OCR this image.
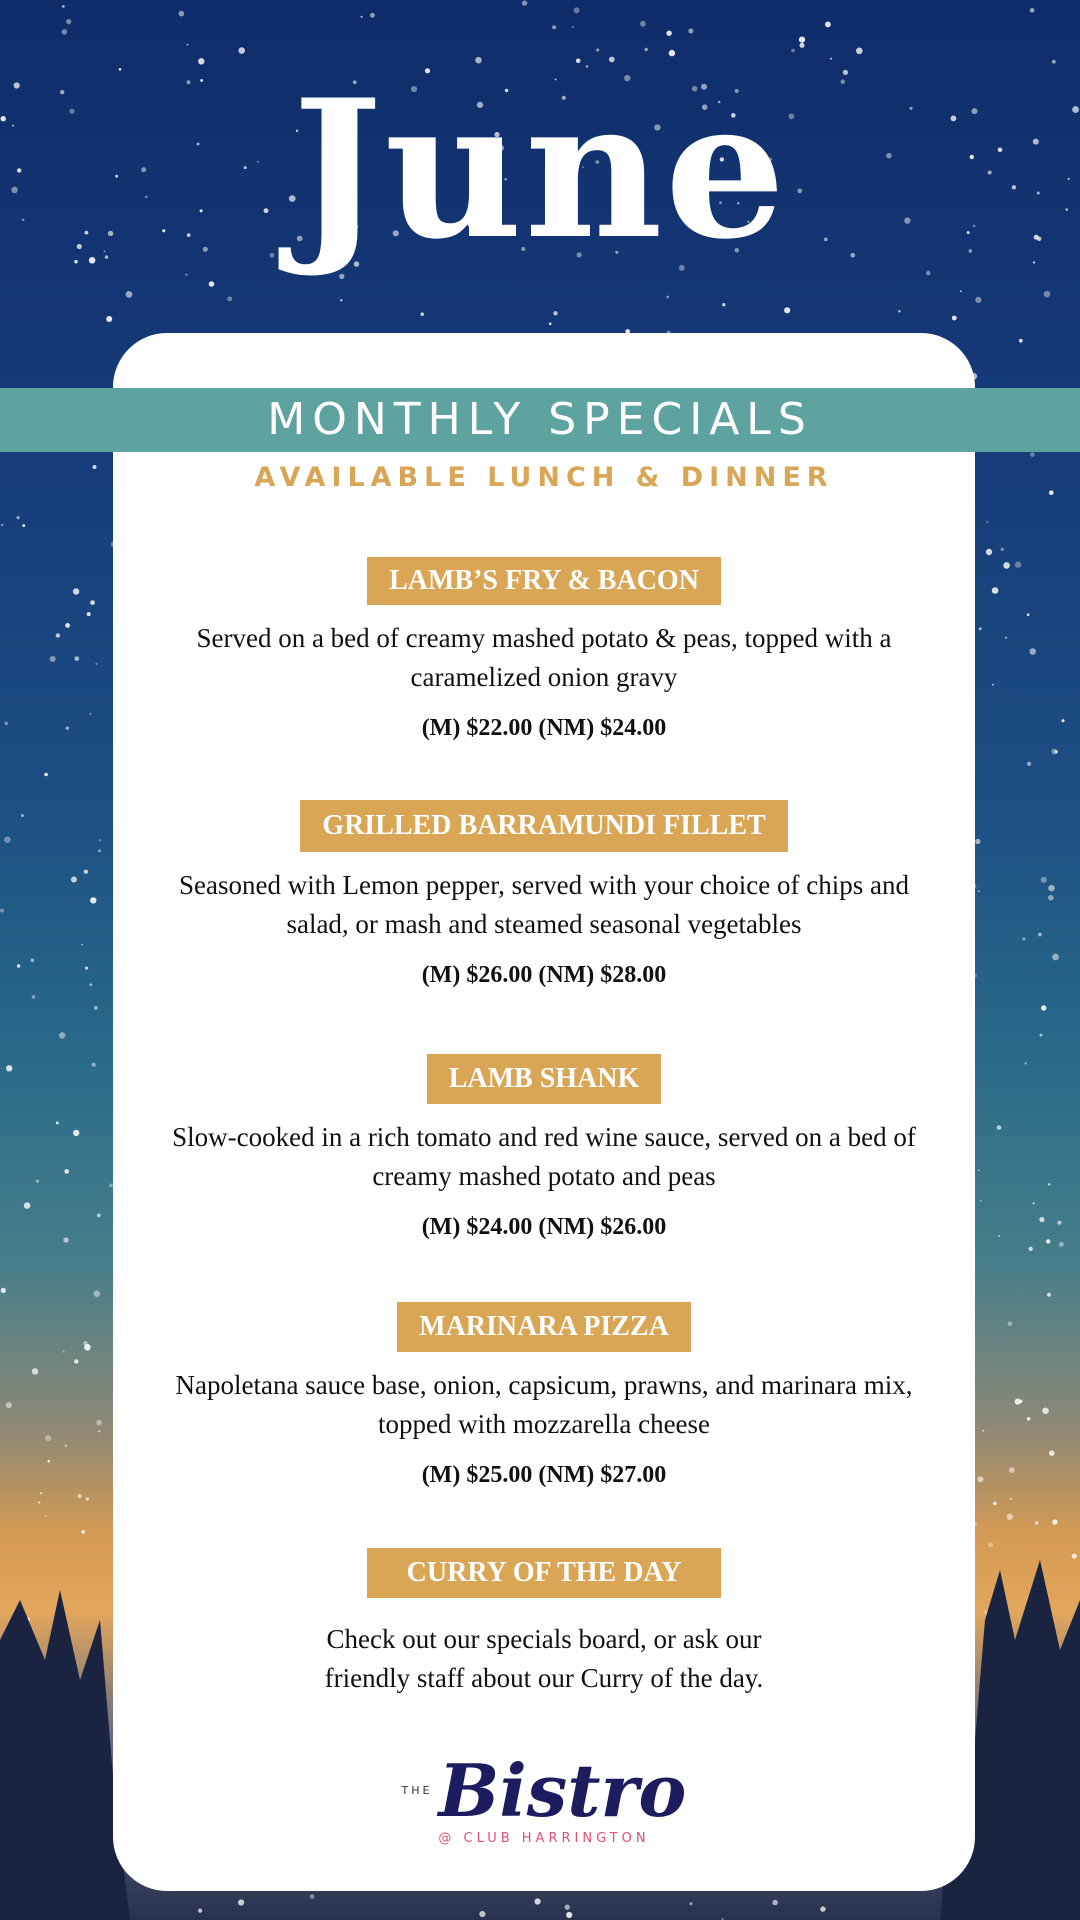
June
MONTHLY SPECIALS
AVAILABLE LUNCH & DINNER
LAMB’S FRY & BACON
Served on a bed of creamy mashed potato & peas, topped with a caramelized onion gravy
(M) $22.00 (NM) $24.00
GRILLED BARRAMUNDI FILLET
Seasoned with Lemon pepper, served with your choice of chips and salad, or mash and steamed seasonal vegetables
(M) $26.00 (NM) $28.00
LAMB SHANK
Slow-cooked in a rich tomato and red wine sauce, served on a bed of creamy mashed potato and peas
(M) $24.00 (NM) $26.00
MARINARA PIZZA
Napoletana sauce base, onion, capsicum, prawns, and marinara mix, topped with mozzarella cheese
(M) $25.00 (NM) $27.00
CURRY OF THE DAY
Check out our specials board, or ask our friendly staff about our Curry of the day.
THEBistro
@ CLUB HARRINGTON
